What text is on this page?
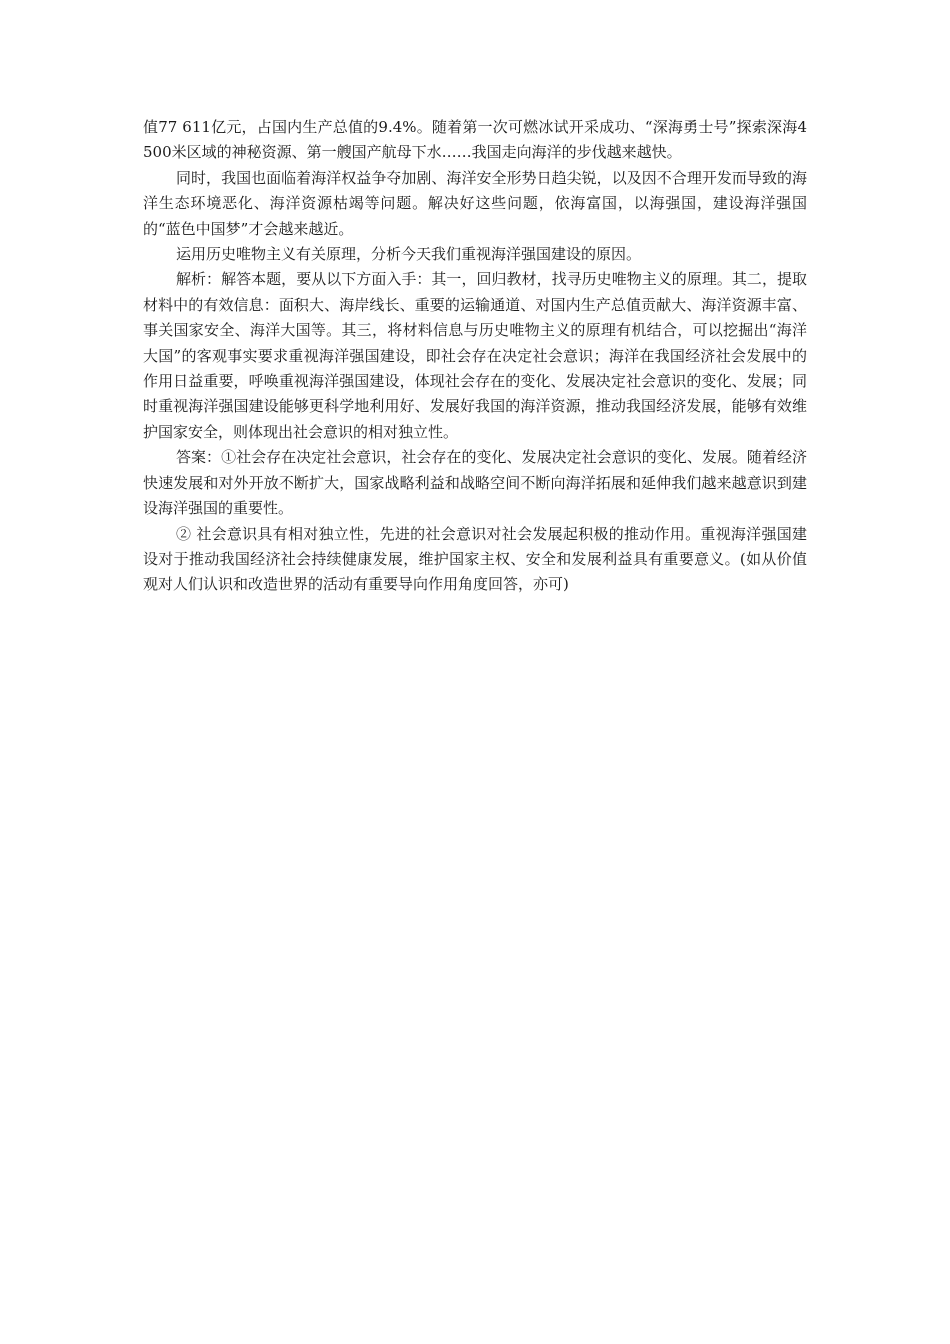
值77 611亿元，占国内生产总值的9.4%。随着第一次可燃冰试开采成功、“深海勇士号”探索深海4 500米区域的神秘资源、第一艘国产航母下水……我国走向海洋的步伐越来越快。

同时，我国也面临着海洋权益争夺加剧、海洋安全形势日趋尖锐，以及因不合理开发而导致的海洋生态环境恶化、海洋资源枯竭等问题。解决好这些问题，依海富国，以海强国，建设海洋强国的“蓝色中国梦”才会越来越近。

运用历史唯物主义有关原理，分析今天我们重视海洋强国建设的原因。

解析：解答本题，要从以下方面入手：其一，回归教材，找寻历史唯物主义的原理。其二，提取材料中的有效信息：面积大、海岸线长、重要的运输通道、对国内生产总值贡献大、海洋资源丰富、事关国家安全、海洋大国等。其三，将材料信息与历史唯物主义的原理有机结合，可以挖掘出“海洋大国”的客观事实要求重视海洋强国建设，即社会存在决定社会意识；海洋在我国经济社会发展中的作用日益重要，呼唤重视海洋强国建设，体现社会存在的变化、发展决定社会意识的变化、发展；同时重视海洋强国建设能够更科学地利用好、发展好我国的海洋资源，推动我国经济发展，能够有效维护国家安全，则体现出社会意识的相对独立性。

答案：①社会存在决定社会意识，社会存在的变化、发展决定社会意识的变化、发展。随着经济快速发展和对外开放不断扩大，国家战略利益和战略空间不断向海洋拓展和延伸我们越来越意识到建设海洋强国的重要性。

② 社会意识具有相对独立性，先进的社会意识对社会发展起积极的推动作用。重视海洋强国建设对于推动我国经济社会持续健康发展，维护国家主权、安全和发展利益具有重要意义。(如从价值观对人们认识和改造世界的活动有重要导向作用角度回答，亦可)
